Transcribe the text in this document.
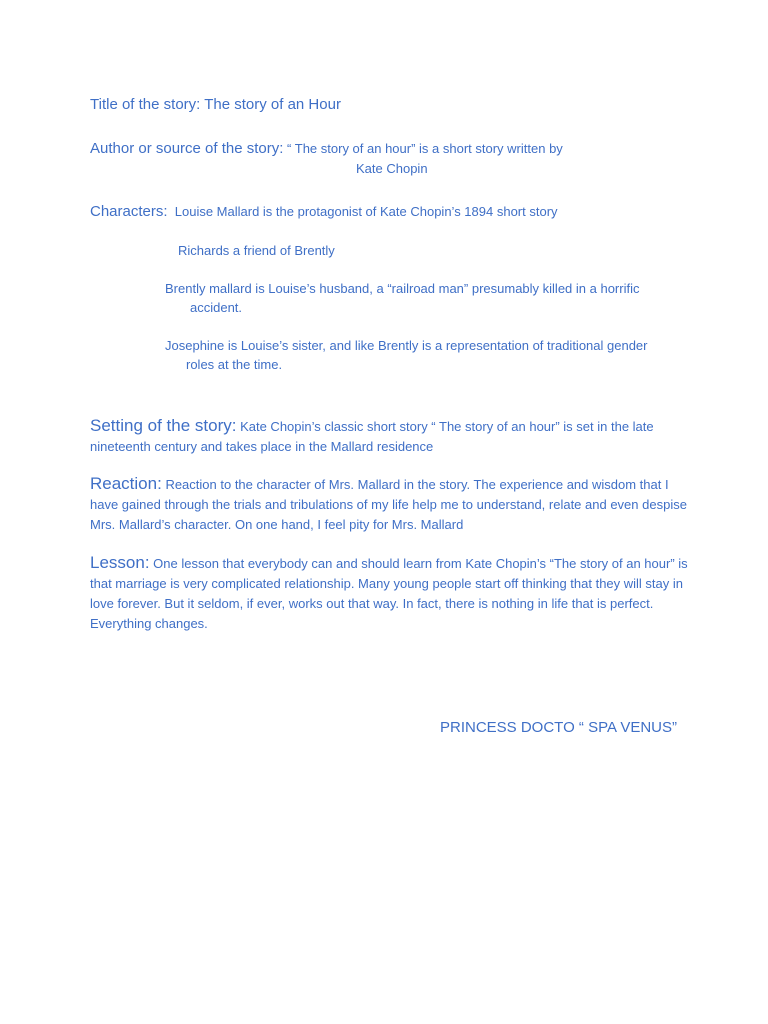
Title of the story: The story of an Hour
Author or source of the story: “ The story of an hour” is a short story written by
Kate Chopin
Characters: Louise Mallard is the protagonist of Kate Chopin’s 1894 short story
Richards a friend of Brently
Brently mallard is Louise’s husband, a “railroad man” presumably killed in a horrific
accident.
Josephine is Louise’s sister, and like Brently is a representation of traditional gender
roles at the time.
Setting of the story: Kate Chopin’s classic short story “ The story of an hour” is set in the late nineteenth century and takes place in the Mallard residence
Reaction: Reaction to the character of Mrs. Mallard in the story. The experience and wisdom that I have gained through the trials and tribulations of my life help me to understand, relate and even despise Mrs. Mallard’s character. On one hand, I feel pity for Mrs. Mallard
Lesson: One lesson that everybody can and should learn from Kate Chopin’s “The story of an hour” is that marriage is very complicated relationship. Many young people start off thinking that they will stay in love forever. But it seldom, if ever, works out that way. In fact, there is nothing in life that is perfect. Everything changes.
PRINCESS DOCTO “ SPA VENUS”
